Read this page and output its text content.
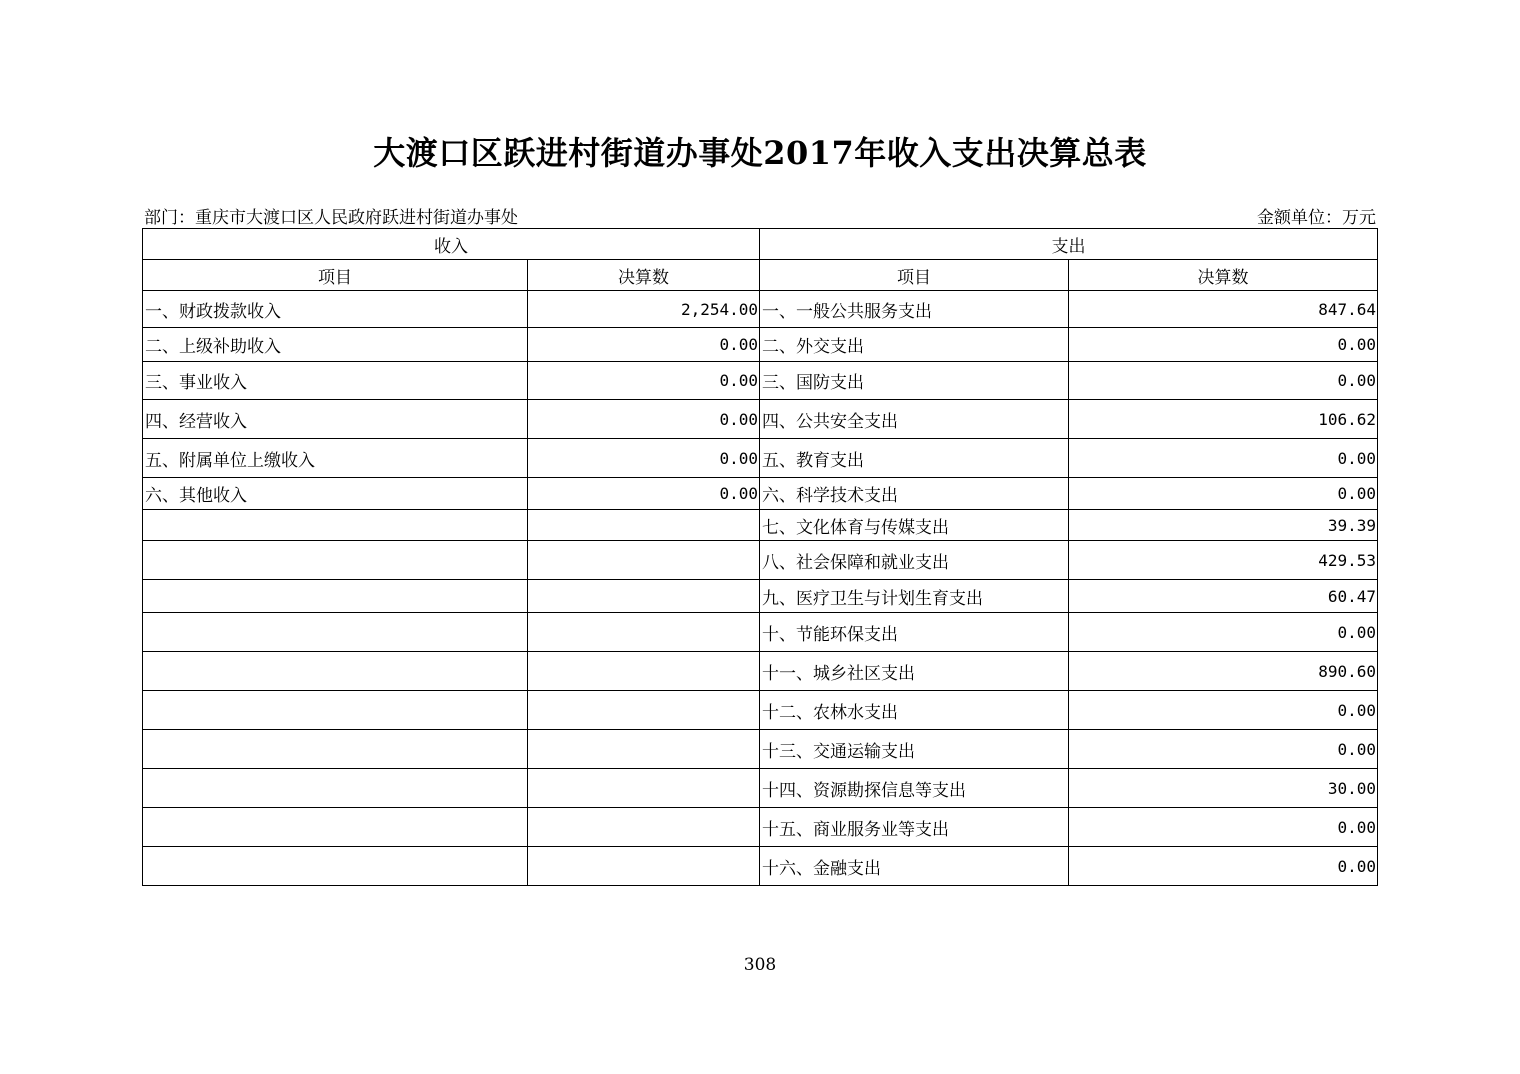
大渡口区跃进村街道办事处2017年收入支出决算总表
部门：重庆市大渡口区人民政府跃进村街道办事处	金额单位：万元
收入		支出	
项目	决算数	项目	决算数
一、财政拨款收入	2,254.00	一、一般公共服务支出	847.64
二、上级补助收入	0.00	二、外交支出	0.00
三、事业收入	0.00	三、国防支出	0.00
四、经营收入	0.00	四、公共安全支出	106.62
五、附属单位上缴收入	0.00	五、教育支出	0.00
六、其他收入	0.00	六、科学技术支出	0.00
		七、文化体育与传媒支出	39.39
		八、社会保障和就业支出	429.53
		九、医疗卫生与计划生育支出	60.47
		十、节能环保支出	0.00
		十一、城乡社区支出	890.60
		十二、农林水支出	0.00
		十三、交通运输支出	0.00
		十四、资源勘探信息等支出	30.00
		十五、商业服务业等支出	0.00
		十六、金融支出	0.00
308
